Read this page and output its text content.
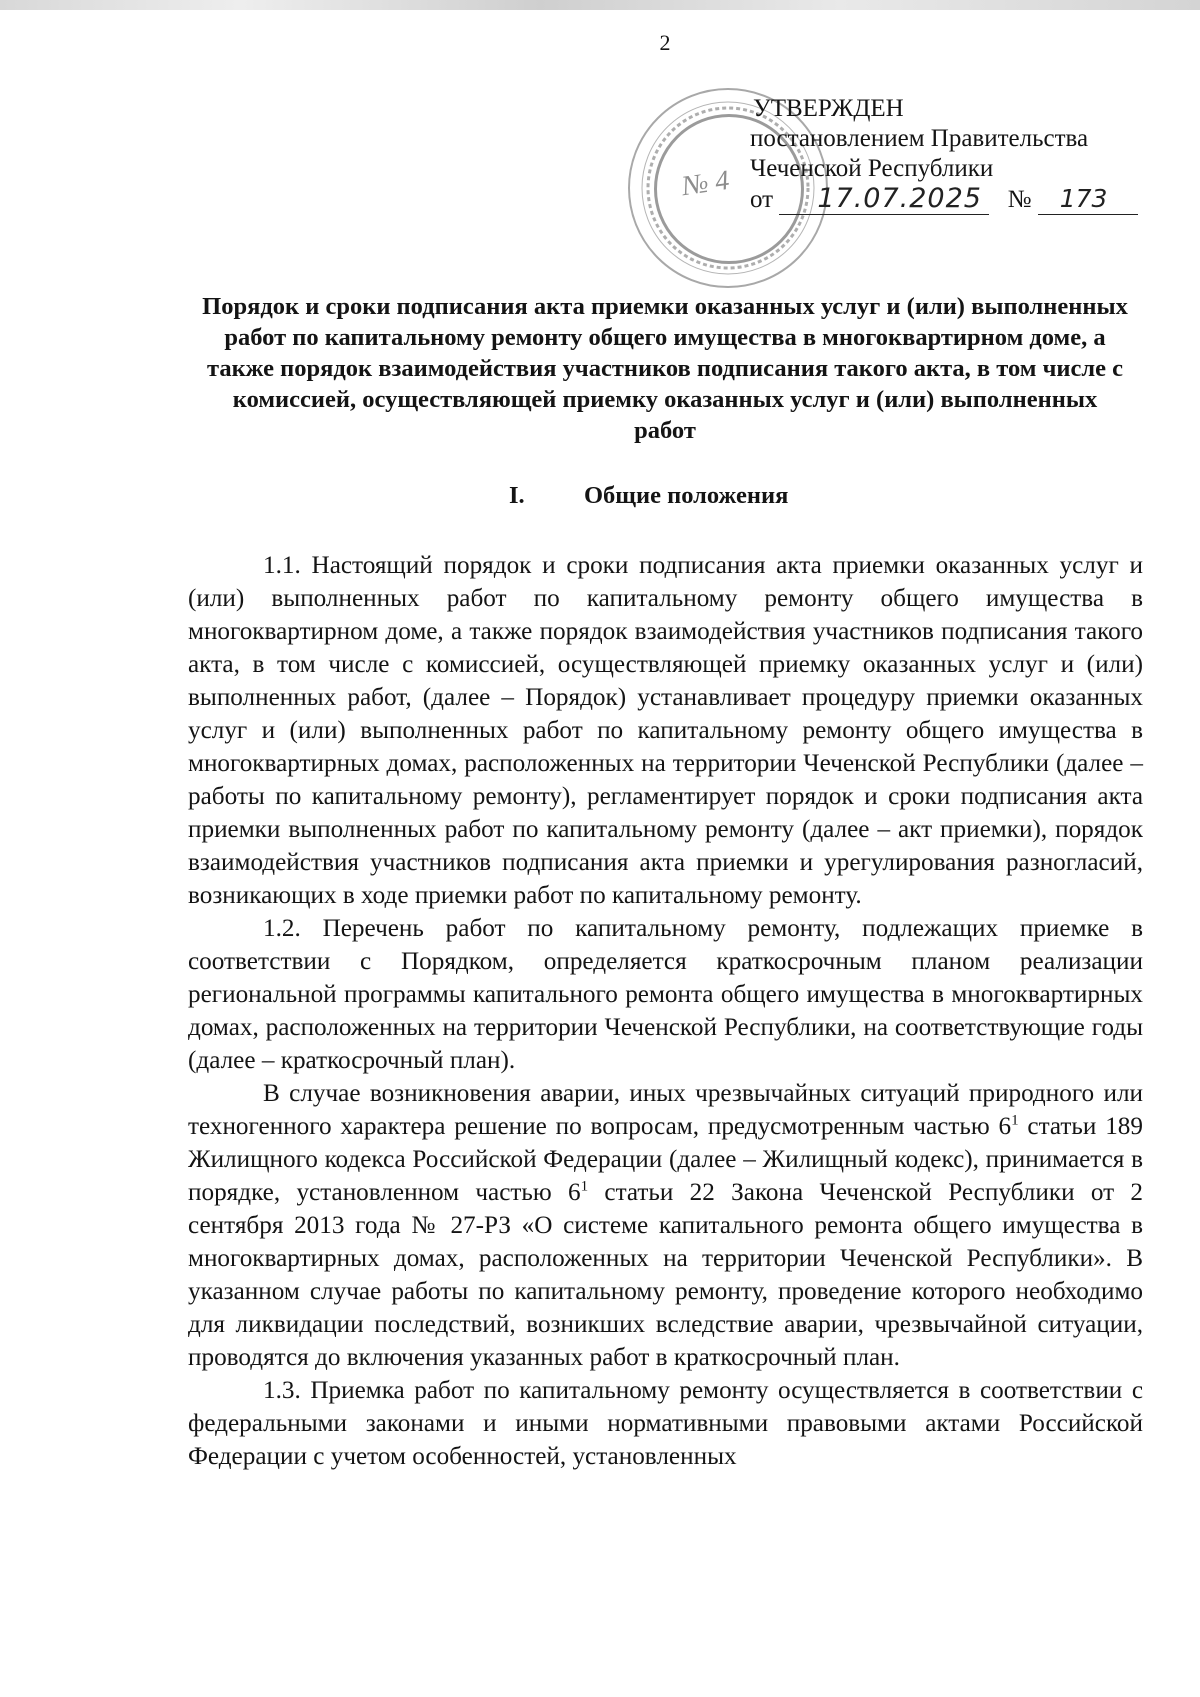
2
№ 4
УТВЕРЖДЕН
постановлением Правительства
Чеченской Республики
от 17.07.2025 № 173
Порядок и сроки подписания акта приемки оказанных услуг и (или) выполненных работ по капитальному ремонту общего имущества в многоквартирном доме, а также порядок взаимодействия участников подписания такого акта, в том числе с комиссией, осуществляющей приемку оказанных услуг и (или) выполненных работ
I. Общие положения

1.1. Настоящий порядок и сроки подписания акта приемки оказанных услуг и (или) выполненных работ по капитальному ремонту общего имущества в многоквартирном доме, а также порядок взаимодействия участников подписания такого акта, в том числе с комиссией, осуществляющей приемку оказанных услуг и (или) выполненных работ, (далее – Порядок) устанавливает процедуру приемки оказанных услуг и (или) выполненных работ по капитальному ремонту общего имущества в многоквартирных домах, расположенных на территории Чеченской Республики (далее – работы по капитальному ремонту), регламентирует порядок и сроки подписания акта приемки выполненных работ по капитальному ремонту (далее – акт приемки), порядок взаимодействия участников подписания акта приемки и урегулирования разногласий, возникающих в ходе приемки работ по капитальному ремонту.

1.2. Перечень работ по капитальному ремонту, подлежащих приемке в соответствии с Порядком, определяется краткосрочным планом реализации региональной программы капитального ремонта общего имущества в многоквартирных домах, расположенных на территории Чеченской Республики, на соответствующие годы (далее – краткосрочный план).

В случае возникновения аварии, иных чрезвычайных ситуаций природного или техногенного характера решение по вопросам, предусмотренным частью $6^1$ статьи 189 Жилищного кодекса Российской Федерации (далее – Жилищный кодекс), принимается в порядке, установленном частью $6^1$ статьи 22 Закона Чеченской Республики от 2 сентября 2013 года № 27-РЗ «О системе капитального ремонта общего имущества в многоквартирных домах, расположенных на территории Чеченской Республики». В указанном случае работы по капитальному ремонту, проведение которого необходимо для ликвидации последствий, возникших вследствие аварии, чрезвычайной ситуации, проводятся до включения указанных работ в краткосрочный план.

1.3. Приемка работ по капитальному ремонту осуществляется в соответствии с федеральными законами и иными нормативными правовыми актами Российской Федерации с учетом особенностей, установленных
